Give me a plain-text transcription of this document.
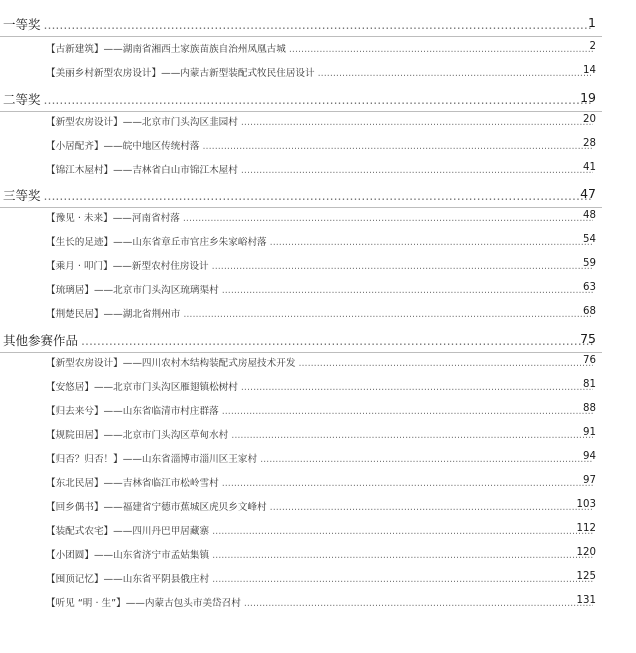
一等奖 .....	1
【古新建筑】——湖南省湘西土家族苗族自治州凤凰古城 .....	2
【美丽乡村新型农房设计】——内蒙古新型装配式牧民住居设计 .....	14
二等奖 .....	19
【新型农房设计】——北京市门头沟区韭园村 .....	20
【小居配齐】——皖中地区传统村落 .....	28
【锦江木屋村】——吉林省白山市锦江木屋村 .....	41
三等奖 .....	47
【豫见 · 未来】——河南省村落 .....	48
【生长的足迹】——山东省章丘市官庄乡朱家峪村落 .....	54
【乘月 · 叩门】——新型农村住房设计 .....	59
【琉璃居】——北京市门头沟区琉璃渠村 .....	63
【荆楚民居】——湖北省荆州市 .....	68
其他参赛作品 .....	75
【新型农房设计】——四川农村木结构装配式房屋技术开发 .....	76
【安悠居】——北京市门头沟区雁翅镇松树村 .....	81
【归去来兮】——山东省临清市村庄群落 .....	88
【规院田居】——北京市门头沟区草甸水村 .....	91
【归否？归否！】——山东省淄博市淄川区王家村 .....	94
【东北民居】——吉林省临江市松岭雪村 .....	97
【回乡偶书】——福建省宁德市蕉城区虎贝乡文峰村 .....	103
【装配式农宅】——四川丹巴甲居藏寨 .....	112
【小团圆】——山东省济宁市孟姑集镇 .....	120
【囤顶记忆】——山东省平阴县俄庄村 .....	125
【听见 “明 · 生”】——内蒙古包头市美岱召村 .....	131
